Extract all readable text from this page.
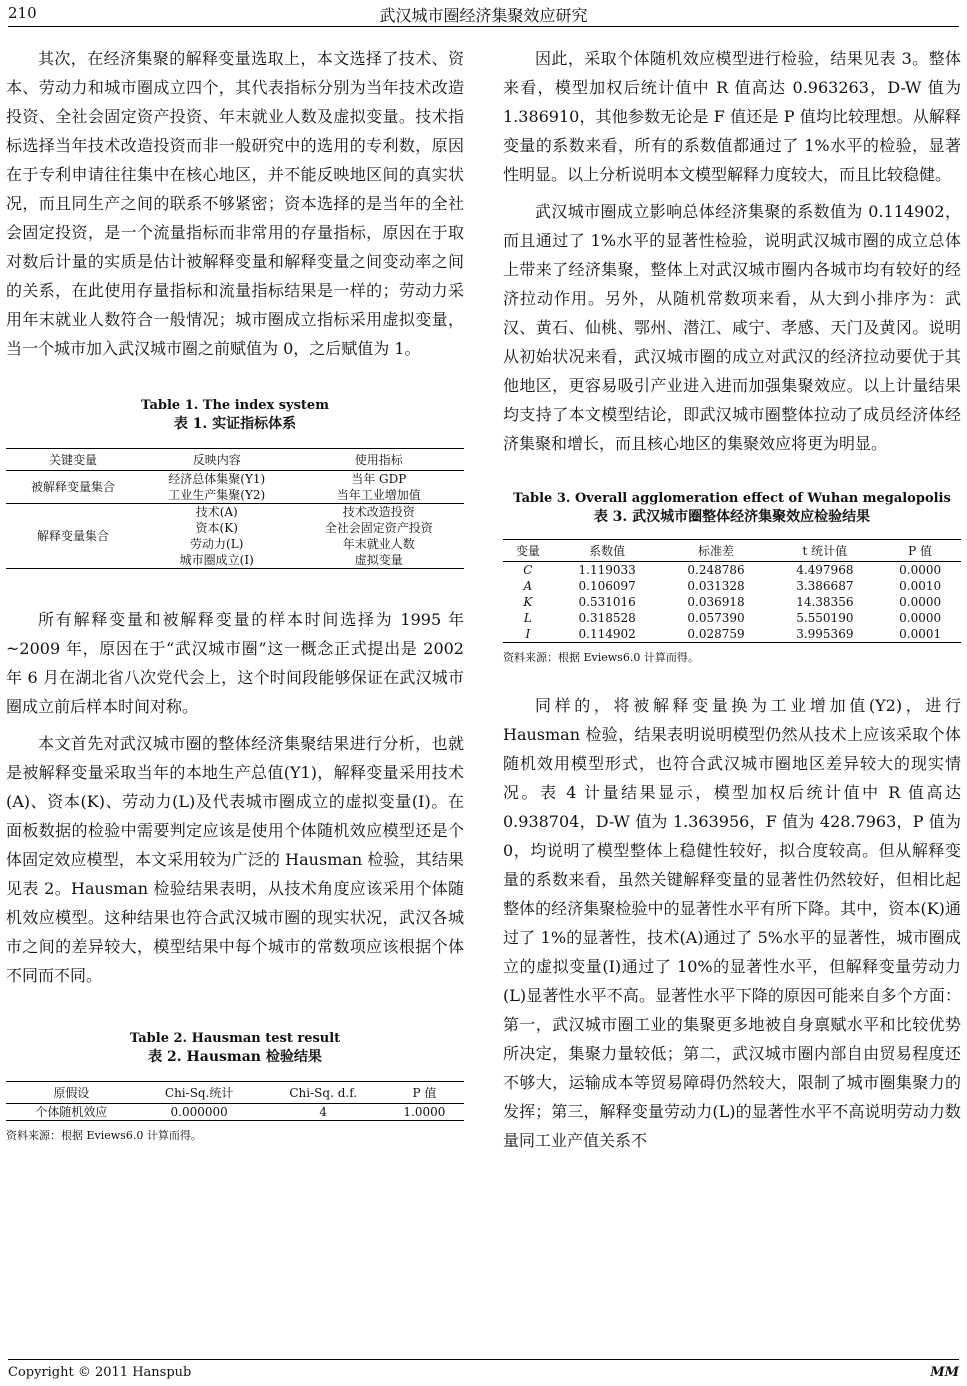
210	武汉城市圈经济集聚效应研究

其次，在经济集聚的解释变量选取上，本文选择了技术、资本、劳动力和城市圈成立四个，其代表指标分别为当年技术改造投资、全社会固定资产投资、年末就业人数及虚拟变量。技术指标选择当年技术改造投资而非一般研究中的选用的专利数，原因在于专利申请往往集中在核心地区，并不能反映地区间的真实状况，而且同生产之间的联系不够紧密；资本选择的是当年的全社会固定投资，是一个流量指标而非常用的存量指标，原因在于取对数后计量的实质是估计被解释变量和解释变量之间变动率之间的关系，在此使用存量指标和流量指标结果是一样的；劳动力采用年末就业人数符合一般情况；城市圈成立指标采用虚拟变量，当一个城市加入武汉城市圈之前赋值为 0，之后赋值为 1。

Table 1. The index system
表 1. 实证指标体系
关键变量	反映内容	使用指标
被解释变量集合	经济总体集聚(Y1)	当年 GDP
	工业生产集聚(Y2)	当年工业增加值
解释变量集合	技术(A)	技术改造投资
	资本(K)	全社会固定资产投资
	劳动力(L)	年末就业人数
	城市圈成立(I)	虚拟变量

所有解释变量和被解释变量的样本时间选择为 1995 年~2009 年，原因在于“武汉城市圈”这一概念正式提出是 2002 年 6 月在湖北省八次党代会上，这个时间段能够保证在武汉城市圈成立前后样本时间对称。

本文首先对武汉城市圈的整体经济集聚结果进行分析，也就是被解释变量采取当年的本地生产总值(Y1)，解释变量采用技术(A)、资本(K)、劳动力(L)及代表城市圈成立的虚拟变量(I)。在面板数据的检验中需要判定应该是使用个体随机效应模型还是个体固定效应模型，本文采用较为广泛的 Hausman 检验，其结果见表 2。Hausman 检验结果表明，从技术角度应该采用个体随机效应模型。这种结果也符合武汉城市圈的现实状况，武汉各城市之间的差异较大，模型结果中每个城市的常数项应该根据个体不同而不同。

Table 2. Hausman test result
表 2. Hausman 检验结果
原假设	Chi-Sq.统计	Chi-Sq. d.f.	P 值
个体随机效应	0.000000	4	1.0000
资料来源：根据 Eviews6.0 计算而得。

因此，采取个体随机效应模型进行检验，结果见表 3。整体来看，模型加权后统计值中 R 值高达 0.963263，D-W 值为 1.386910，其他参数无论是 F 值还是 P 值均比较理想。从解释变量的系数来看，所有的系数值都通过了 1%水平的检验，显著性明显。以上分析说明本文模型解释力度较大，而且比较稳健。

武汉城市圈成立影响总体经济集聚的系数值为 0.114902，而且通过了 1%水平的显著性检验，说明武汉城市圈的成立总体上带来了经济集聚，整体上对武汉城市圈内各城市均有较好的经济拉动作用。另外，从随机常数项来看，从大到小排序为：武汉、黄石、仙桃、鄂州、潜江、咸宁、孝感、天门及黄冈。说明从初始状况来看，武汉城市圈的成立对武汉的经济拉动要优于其他地区，更容易吸引产业进入进而加强集聚效应。以上计量结果均支持了本文模型结论，即武汉城市圈整体拉动了成员经济体经济集聚和增长，而且核心地区的集聚效应将更为明显。

Table 3. Overall agglomeration effect of Wuhan megalopolis
表 3. 武汉城市圈整体经济集聚效应检验结果
变量	系数值	标准差	t 统计值	P 值
C	1.119033	0.248786	4.497968	0.0000
A	0.106097	0.031328	3.386687	0.0010
K	0.531016	0.036918	14.38356	0.0000
L	0.318528	0.057390	5.550190	0.0000
I	0.114902	0.028759	3.995369	0.0001
资料来源：根据 Eviews6.0 计算而得。

同样的，将被解释变量换为工业增加值(Y2)，进行 Hausman 检验，结果表明说明模型仍然从技术上应该采取个体随机效用模型形式，也符合武汉城市圈地区差异较大的现实情况。表 4 计量结果显示，模型加权后统计值中 R 值高达 0.938704，D-W 值为 1.363956，F 值为 428.7963，P 值为 0，均说明了模型整体上稳健性较好，拟合度较高。但从解释变量的系数来看，虽然关键解释变量的显著性仍然较好，但相比起整体的经济集聚检验中的显著性水平有所下降。其中，资本(K)通过了 1%的显著性，技术(A)通过了 5%水平的显著性，城市圈成立的虚拟变量(I)通过了 10%的显著性水平，但解释变量劳动力(L)显著性水平不高。显著性水平下降的原因可能来自多个方面：第一，武汉城市圈工业的集聚更多地被自身禀赋水平和比较优势所决定，集聚力量较低；第二，武汉城市圈内部自由贸易程度还不够大，运输成本等贸易障碍仍然较大，限制了城市圈集聚力的发挥；第三，解释变量劳动力(L)的显著性水平不高说明劳动力数量同工业产值关系不

Copyright © 2011 Hanspub	MM
